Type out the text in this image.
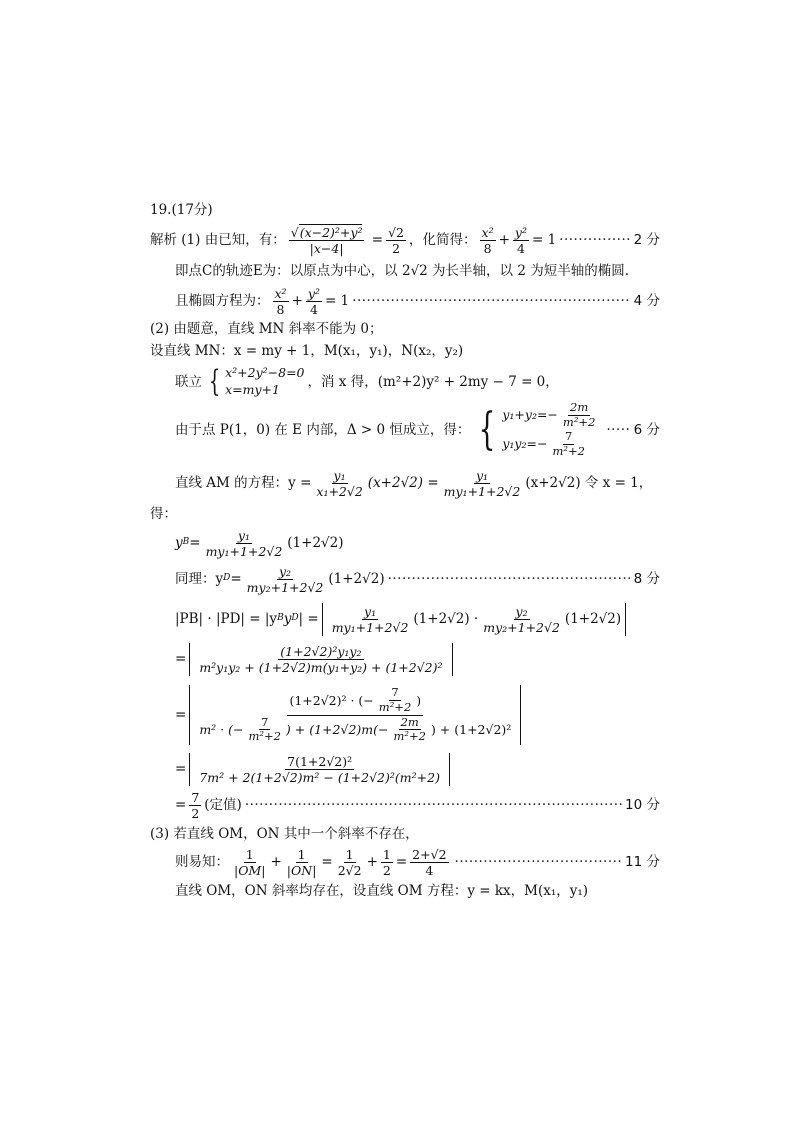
19.(17分)
解析 (1) 由已知，有： $\frac{\text{√(x−2)²+y²}}{|x-4|} = \frac{√2}{2}$ ，化简得： $\frac{\text{x²}}{8} + \frac{\text{y²}}{4} = 1$ ·····	2 分
即点C的轨迹E为：以原点为中心，以 2√2 为长半轴，以 2 为短半轴的椭圆.
且椭圆方程为： $\frac{\text{x²}}{8} + \frac{\text{y²}}{4} = 1$ ·····	4 分
(2) 由题意，直线 MN 斜率不能为 0；
设直线 MN：x = my + 1，M(x₁，y₁)，N(x₂，y₂)
联立 { x²+2y²−8=0
x=my+1	，消 x 得，(m²+2)y² + 2my − 7 = 0，
由于点 P(1，0) 在 E 内部，Δ > 0 恒成立，得： { $y_1+y_2=- \frac{2m}{\text{m²+2}}$
$y_1y_2=- \frac{7}{\text{m²+2}}$
·····
6 分
直线 AM 的方程：$y = \frac{\text{y₁}}{\text{x₁+2√2}} (x+2√2) = \frac{\text{y₁}}{\text{my₁+1+2√2}} (x+2√2)$ 令 x = 1，
得：
y $B = \frac{\text{y₁}}{\text{my₁+1+2√2}} (1+2√2)$
同理：y $D = \frac{\text{y₂}}{\text{my₂+1+2√2}} (1+2√2)$ ·····	8 分
|PB| · |PD| = |y B y D | = $\frac{\text{y₁}}{\text{my₁+1+2√2}} (1+2√2) \cdot \frac{\text{y₂}}{\text{my₂+1+2√2}} (1+2√2)$
= $\frac{\text{(1+2√2)²y₁y₂}}{\text{m²y₁y₂ + (1+2√2)m(y₁+y₂) + (1+2√2)²}}$
=
(1+2√2)² · (− $\frac{7}{\text{m²+2}}$ )
m² · (− $\frac{7}{\text{m²+2}}$ ) + $(1+2√2)m(- \frac{2m}{\text{m²+2}}$ ) + (1+2√2)²
= $\frac{\text{7(1+2√2)²}}{\text{7m² + 2(1+2√2)m² − (1+2√2)²(m²+2)}}$
= $\frac{7}{2}$ (定值) ·····	10 分
(3) 若直线 OM，ON 其中一个斜率不存在，
则易知： $\frac{1}{|OM|} + \frac{1}{|ON|} = \frac{1}{2√2} + \frac{1}{2} = \frac{2+√2}{4}$ ·····	11 分
直线 OM，ON 斜率均存在，设直线 OM 方程：y = kx，M(x₁，y₁)
